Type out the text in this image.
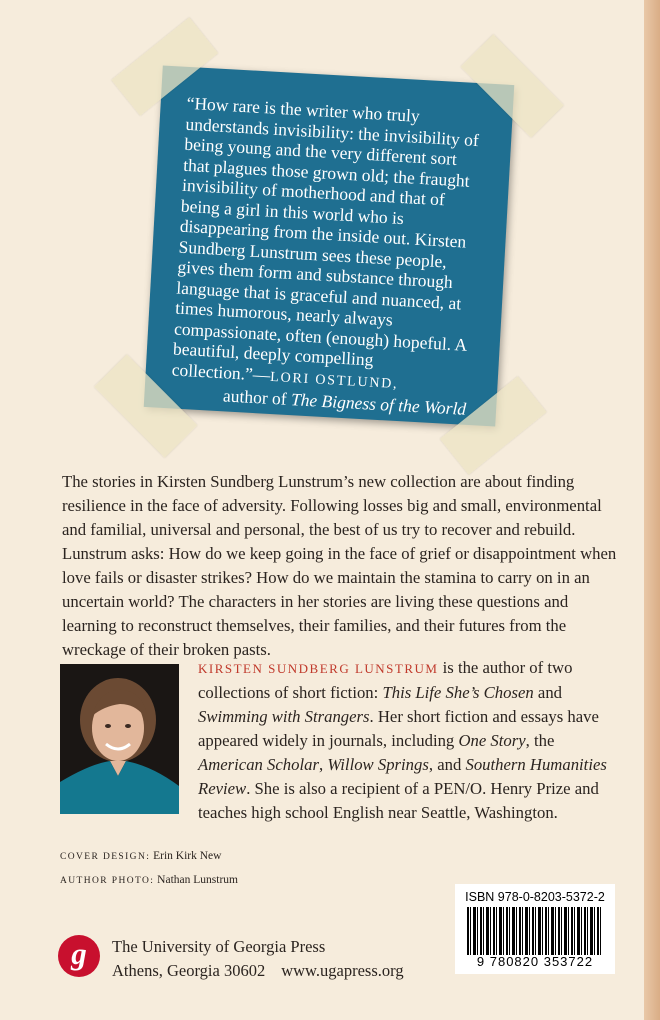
“How rare is the writer who truly understands invisibility: the invisibility of being young and the very different sort that plagues those grown old; the fraught invisibility of motherhood and that of being a girl in this world who is disappearing from the inside out. Kirsten Sundberg Lunstrum sees these people, gives them form and substance through language that is graceful and nuanced, at times humorous, nearly always compassionate, often (enough) hopeful. A beautiful, deeply compelling collection.”—LORI OSTLUND,
author of The Bigness of the World

The stories in Kirsten Sundberg Lunstrum’s new collection are about finding resilience in the face of adversity. Following losses big and small, environmental and familial, universal and personal, the best of us try to recover and rebuild. Lunstrum asks: How do we keep going in the face of grief or disappointment when love fails or disaster strikes? How do we maintain the stamina to carry on in an uncertain world? The characters in her stories are living these questions and learning to reconstruct themselves, their families, and their futures from the wreckage of their broken pasts.

KIRSTEN SUNDBERG LUNSTRUM is the author of two collections of short fiction: This Life She’s Chosen and Swimming with Strangers. Her short fiction and essays have appeared widely in journals, including One Story, the American Scholar, Willow Springs, and Southern Humanities Review. She is also a recipient of a PEN/O. Henry Prize and teaches high school English near Seattle, Washington.

COVER DESIGN: Erin Kirk New
AUTHOR PHOTO: Nathan Lunstrum
g	The University of Georgia Press
Athens, Georgia 30602 www.ugapress.org
ISBN 978-0-8203-5372-2
9 780820 353722
